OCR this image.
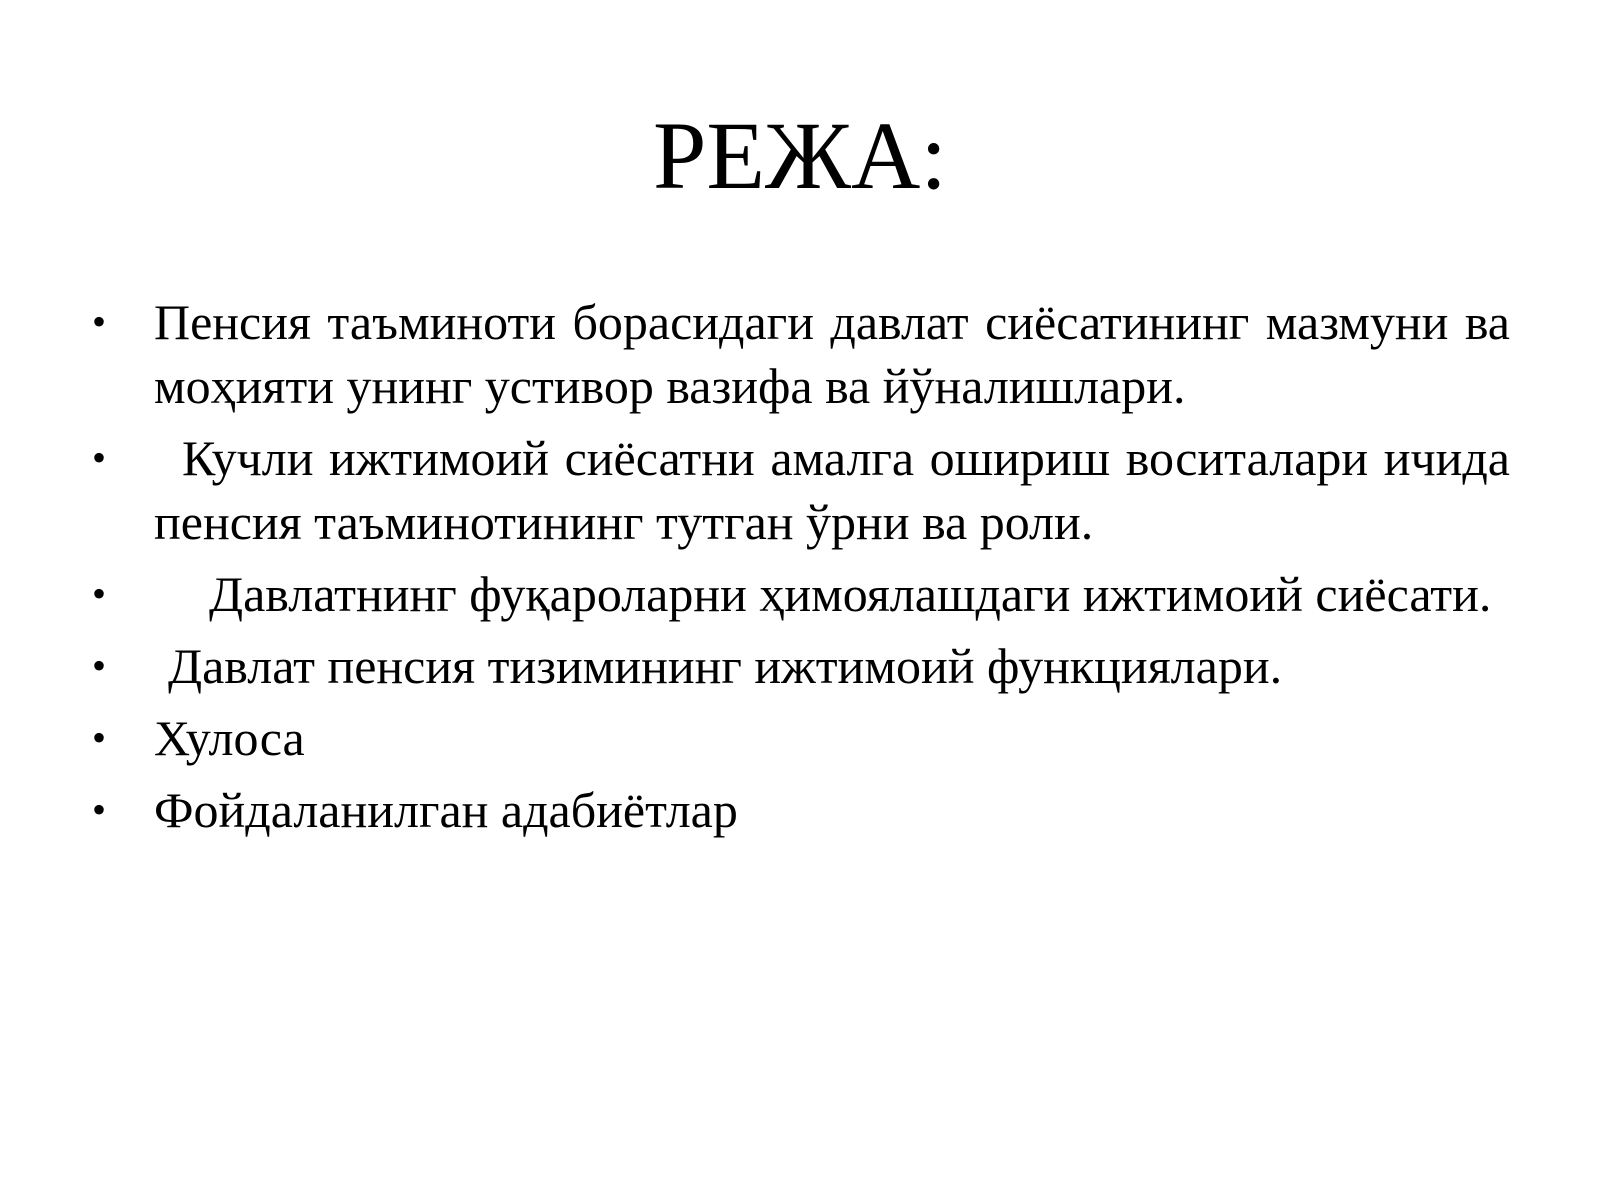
РЕЖА:
• Пенсия таъминоти борасидаги давлат сиёсатининг мазмуни ва моҳияти унинг устивор вазифа ва йўналишлари.
•	Кучли ижтимоий сиёсатни амалга ошириш воситалари ичида пенсия таъминотининг тутган ўрни ва роли.
•	Давлатнинг фуқароларни ҳимоялашдаги ижтимоий сиёсати.
•	Давлат пенсия тизимининг ижтимоий функциялари.
• Хулоса
• Фойдаланилган адабиётлар
